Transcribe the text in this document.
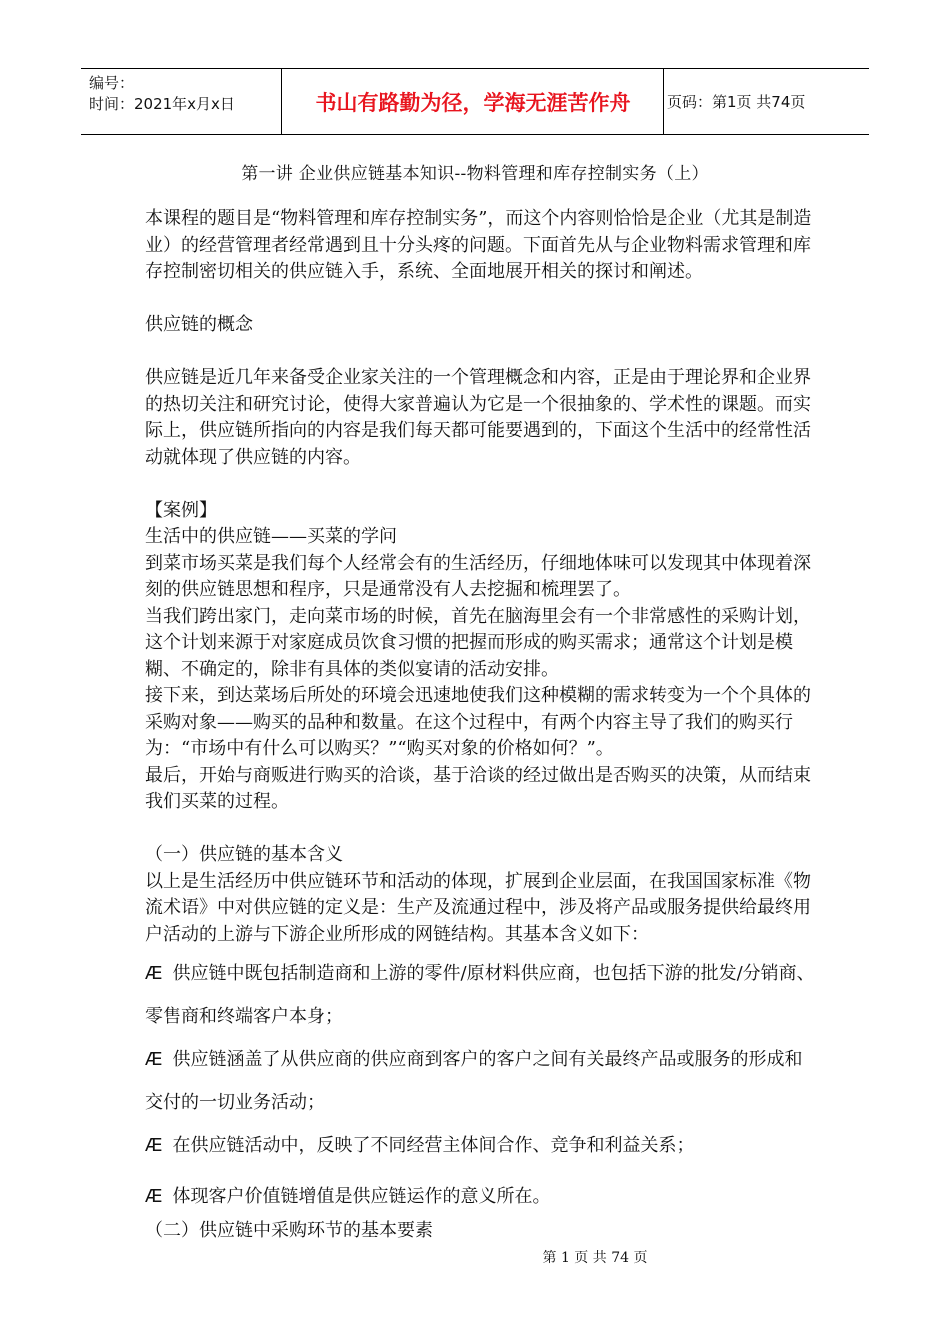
编号：
时间：2021年x月x日	书山有路勤为径，学海无涯苦作舟	页码：第1页 共74页
第一讲 企业供应链基本知识--物料管理和库存控制实务（上）

本课程的题目是“物料管理和库存控制实务”，而这个内容则恰恰是企业（尤其是制造业）的经营管理者经常遇到且十分头疼的问题。下面首先从与企业物料需求管理和库存控制密切相关的供应链入手，系统、全面地展开相关的探讨和阐述。

供应链的概念

供应链是近几年来备受企业家关注的一个管理概念和内容，正是由于理论界和企业界的热切关注和研究讨论，使得大家普遍认为它是一个很抽象的、学术性的课题。而实际上，供应链所指向的内容是我们每天都可能要遇到的，下面这个生活中的经常性活动就体现了供应链的内容。

【案例】

生活中的供应链——买菜的学问

到菜市场买菜是我们每个人经常会有的生活经历，仔细地体味可以发现其中体现着深刻的供应链思想和程序，只是通常没有人去挖掘和梳理罢了。

当我们跨出家门，走向菜市场的时候，首先在脑海里会有一个非常感性的采购计划，这个计划来源于对家庭成员饮食习惯的把握而形成的购买需求；通常这个计划是模糊、不确定的，除非有具体的类似宴请的活动安排。

接下来，到达菜场后所处的环境会迅速地使我们这种模糊的需求转变为一个个具体的采购对象——购买的品种和数量。在这个过程中，有两个内容主导了我们的购买行为：“市场中有什么可以购买？”“购买对象的价格如何？”。

最后，开始与商贩进行购买的洽谈，基于洽谈的经过做出是否购买的决策，从而结束我们买菜的过程。

（一）供应链的基本含义

以上是生活经历中供应链环节和活动的体现，扩展到企业层面，在我国国家标准《物流术语》中对供应链的定义是：生产及流通过程中，涉及将产品或服务提供给最终用户活动的上游与下游企业所形成的网链结构。其基本含义如下：

Æ 供应链中既包括制造商和上游的零件/原材料供应商，也包括下游的批发/分销商、零售商和终端客户本身；

Æ 供应链涵盖了从供应商的供应商到客户的客户之间有关最终产品或服务的形成和交付的一切业务活动；

Æ 在供应链活动中，反映了不同经营主体间合作、竞争和利益关系；

Æ 体现客户价值链增值是供应链运作的意义所在。

（二）供应链中采购环节的基本要素

第 1 页 共 74 页
